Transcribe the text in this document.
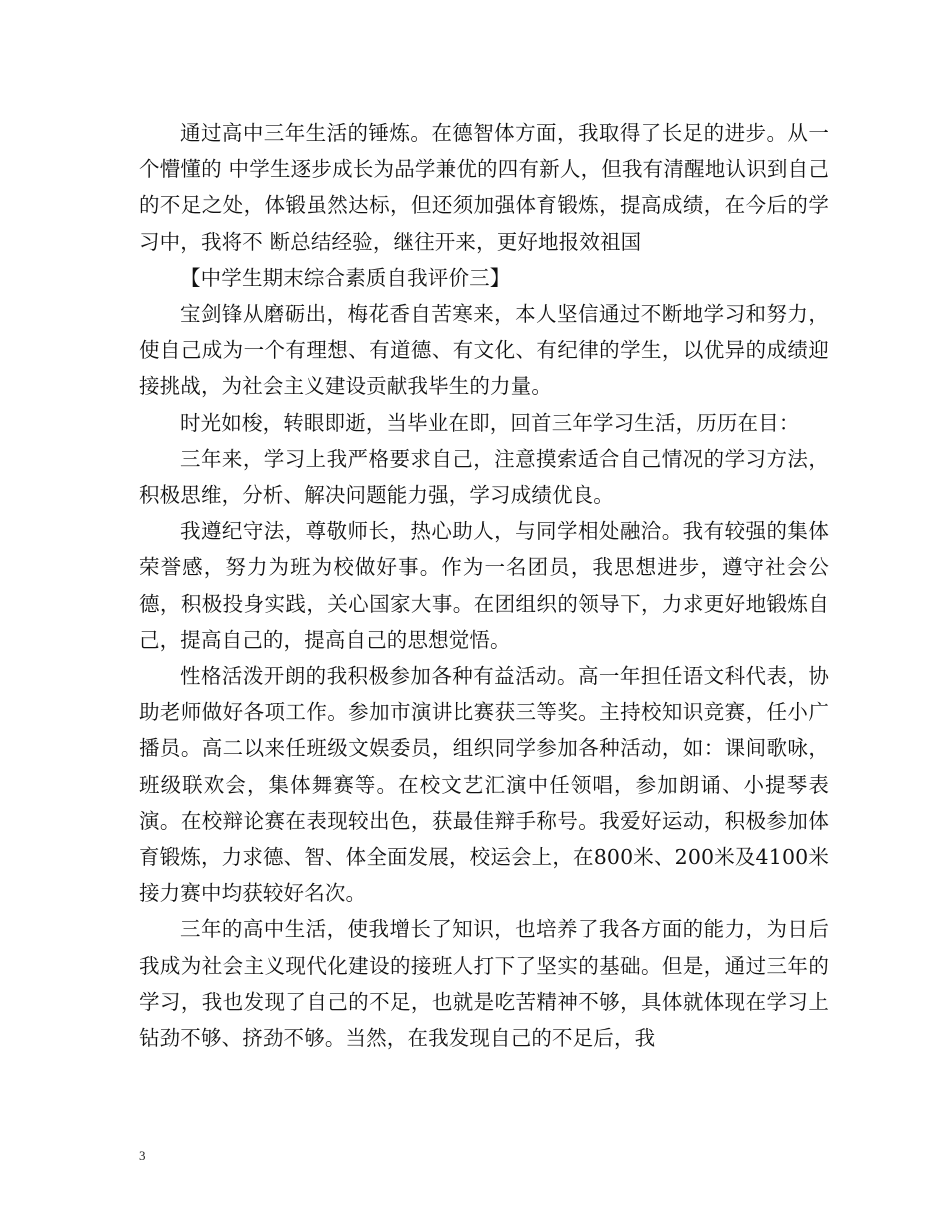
通过高中三年生活的锤炼。在德智体方面，我取得了长足的进步。从一个懵懂的 中学生逐步成长为品学兼优的四有新人，但我有清醒地认识到自己的不足之处，体锻虽然达标，但还须加强体育锻炼，提高成绩，在今后的学习中，我将不 断总结经验，继往开来，更好地报效祖国

【中学生期末综合素质自我评价三】

宝剑锋从磨砺出，梅花香自苦寒来，本人坚信通过不断地学习和努力，使自己成为一个有理想、有道德、有文化、有纪律的学生，以优异的成绩迎接挑战，为社会主义建设贡献我毕生的力量。

时光如梭，转眼即逝，当毕业在即，回首三年学习生活，历历在目：

三年来，学习上我严格要求自己，注意摸索适合自己情况的学习方法，积极思维，分析、解决问题能力强，学习成绩优良。

我遵纪守法，尊敬师长，热心助人，与同学相处融洽。我有较强的集体荣誉感，努力为班为校做好事。作为一名团员，我思想进步，遵守社会公德，积极投身实践，关心国家大事。在团组织的领导下，力求更好地锻炼自己，提高自己的，提高自己的思想觉悟。

性格活泼开朗的我积极参加各种有益活动。高一年担任语文科代表，协助老师做好各项工作。参加市演讲比赛获三等奖。主持校知识竞赛，任小广播员。高二以来任班级文娱委员，组织同学参加各种活动，如：课间歌咏，班级联欢会，集体舞赛等。在校文艺汇演中任领唱，参加朗诵、小提琴表演。在校辩论赛在表现较出色，获最佳辩手称号。我爱好运动，积极参加体育锻炼，力求德、智、体全面发展，校运会上，在800米、200米及4100米接力赛中均获较好名次。

三年的高中生活，使我增长了知识，也培养了我各方面的能力，为日后我成为社会主义现代化建设的接班人打下了坚实的基础。但是，通过三年的学习，我也发现了自己的不足，也就是吃苦精神不够，具体就体现在学习上钻劲不够、挤劲不够。当然，在我发现自己的不足后，我

3
